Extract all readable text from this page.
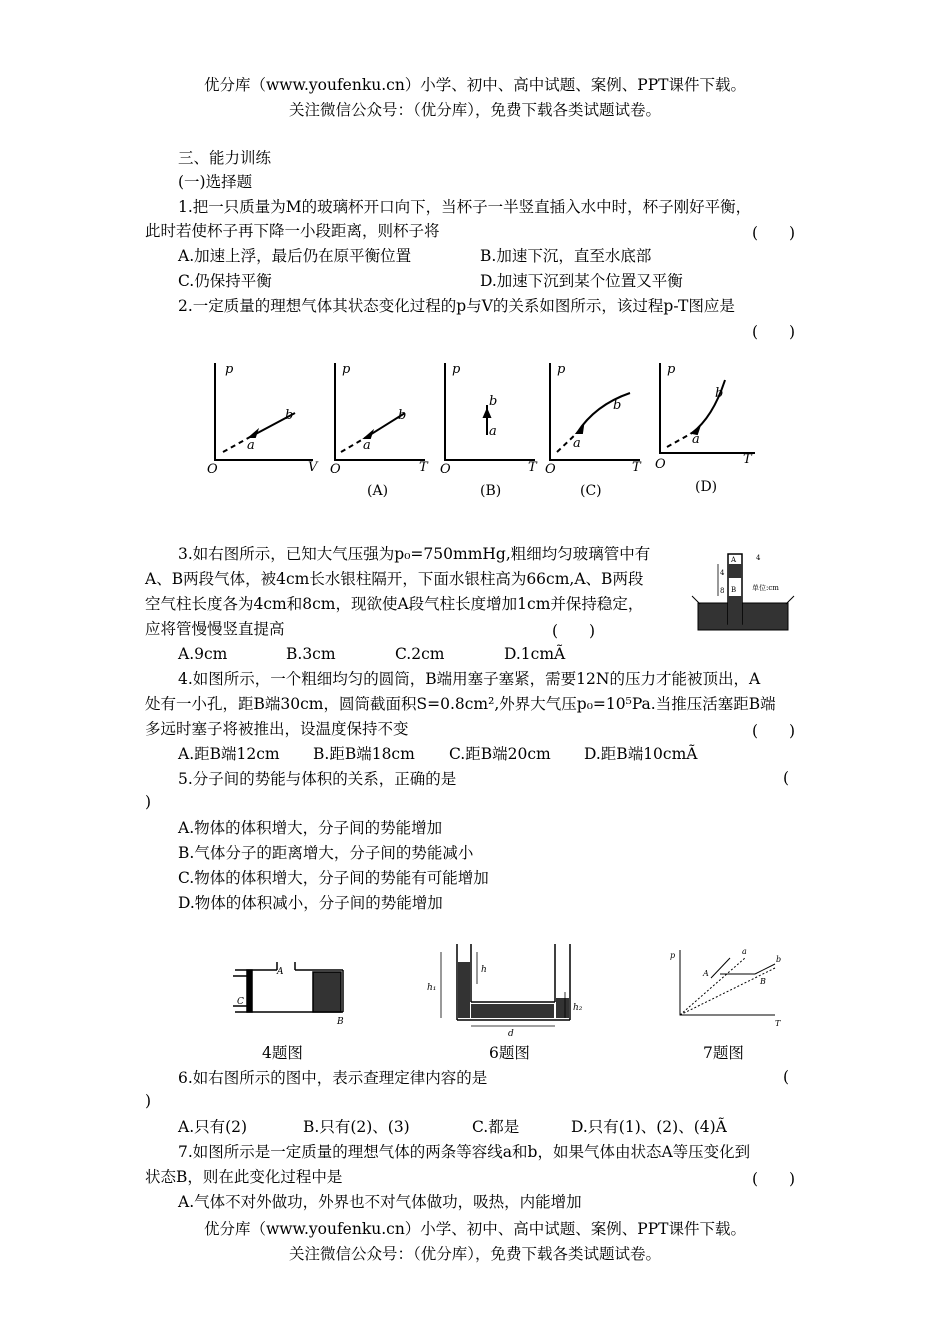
优分库（www.youfenku.cn）小学、初中、高中试题、案例、PPT课件下载。
关注微信公众号：（优分库），免费下载各类试题试卷。
三、能力训练
(一)选择题
1.把一只质量为M的玻璃杯开口向下，当杯子一半竖直插入水中时，杯子刚好平衡，
此时若使杯子再下降一小段距离，则杯子将	(　　)
A.加速上浮，最后仍在原平衡位置	B.加速下沉，直至水底部
C.仍保持平衡	D.加速下沉到某个位置又平衡
2.一定质量的理想气体其状态变化过程的p与V的关系如图所示，该过程p-T图应是
(　　)
p
V
O
a
b
p
T
O
a
b
p
T
O
a
b
p
T
O
a
b
p
T
O
a
b
(A)	(B)	(C)	(D)
3.如右图所示，已知大气压强为p₀=750mmHg,粗细均匀玻璃管中有
A、B两段气体，被4cm长水银柱隔开，下面水银柱高为66cm,A、B两段
空气柱长度各为4cm和8cm，现欲使A段气柱长度增加1cm并保持稳定，
应将管慢慢竖直提高	(　　)
A.9cm	B.3cm	C.2cm	D.1cmÃ
A
B
4
4
8	单位:cm
4.如图所示，一个粗细均匀的圆筒，B端用塞子塞紧，需要12N的压力才能被顶出，A
处有一小孔，距B端30cm，圆筒截面积S=0.8cm²,外界大气压p₀=10⁵Pa.当推压活塞距B端
多远时塞子将被推出，设温度保持不变	(　　)
A.距B端12cm B.距B端18cm C.距B端20cm D.距B端10cmÃ
5.分子间的势能与体积的关系，正确的是	(
)
A.物体的体积增大，分子间的势能增加
B.气体分子的距离增大，分子间的势能减小
C.物体的体积增大，分子间的势能有可能增加
D.物体的体积减小，分子间的势能增加
A
B
C
h
h₁
h₂
d
p
T
a
b
A
B
4题图	6题图	7题图
6.如右图所示的图中，表示查理定律内容的是	(
)
A.只有(2)	B.只有(2)、(3)	C.都是	D.只有(1)、(2)、(4)Ã
7.如图所示是一定质量的理想气体的两条等容线a和b，如果气体由状态A等压变化到
状态B，则在此变化过程中是	(　　)
A.气体不对外做功，外界也不对气体做功，吸热，内能增加
优分库（www.youfenku.cn）小学、初中、高中试题、案例、PPT课件下载。
关注微信公众号：（优分库），免费下载各类试题试卷。
